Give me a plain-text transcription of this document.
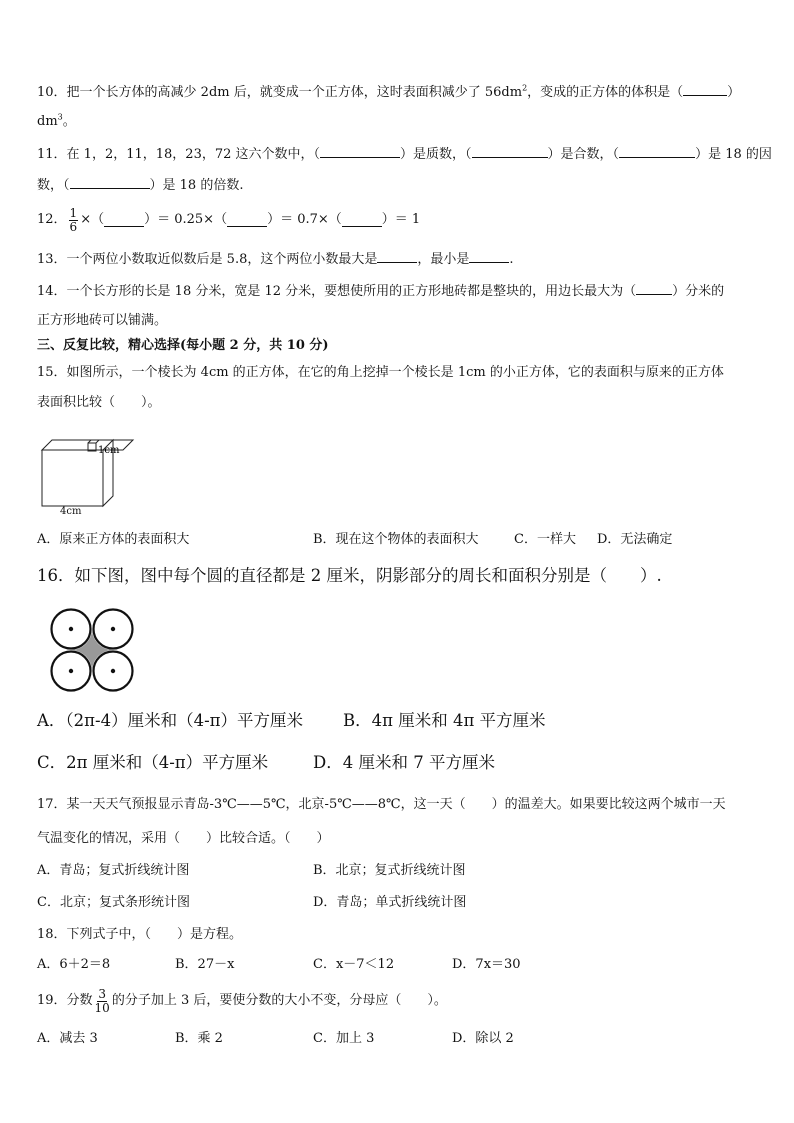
10．把一个长方体的高减少 2dm 后，就变成一个正方体，这时表面积减少了 $56dm^2$，变成的正方体的体积是（	）
$dm^3$。
11．在 1，2，11，18，23，72 这六个数中，（	）是质数，（	）是合数，（	）是 18 的因
数，（	）是 18 的倍数.
12． $\frac{1}{6}$ ×（	）＝ 0.25×（	）＝ 0.7×（	）＝ 1
13．一个两位小数取近似数后是 5.8，这个两位小数最大是	，最小是	.
14．一个长方形的长是 18 分米，宽是 12 分米，要想使所用的正方形地砖都是整块的，用边长最大为（	）分米的
正方形地砖可以铺满。
三、反复比较，精心选择(每小题 2 分，共 10 分)
15．如图所示，一个棱长为 4cm 的正方体，在它的角上挖掉一个棱长是 1cm 的小正方体，它的表面积与原来的正方体
表面积比较（　　）。
1cm
4cm
A．原来正方体的表面积大	B．现在这个物体的表面积大	C．一样大 D．无法确定
16．如下图，图中每个圆的直径都是 2 厘米，阴影部分的周长和面积分别是（　　）.
A．（2π-4）厘米和（4-π）平方厘米 B．4π 厘米和 4π 平方厘米
C．2π 厘米和（4-π）平方厘米	D．4 厘米和 7 平方厘米
17．某一天天气预报显示青岛-3℃——5℃，北京-5℃——8℃，这一天（　　）的温差大。如果要比较这两个城市一天
气温变化的情况，采用（　　）比较合适。（　　）
A．青岛；复式折线统计图	B．北京；复式折线统计图
C．北京；复式条形统计图	D．青岛；单式折线统计图
18．下列式子中，（　　）是方程。
A．6＋2＝8	B．27－x	C．x－7＜12	D．7x＝30
19．分数 $\frac{3}{10}$ 的分子加上 3 后，要使分数的大小不变，分母应（　　）。
A．减去 3	B．乘 2	C．加上 3	D．除以 2
